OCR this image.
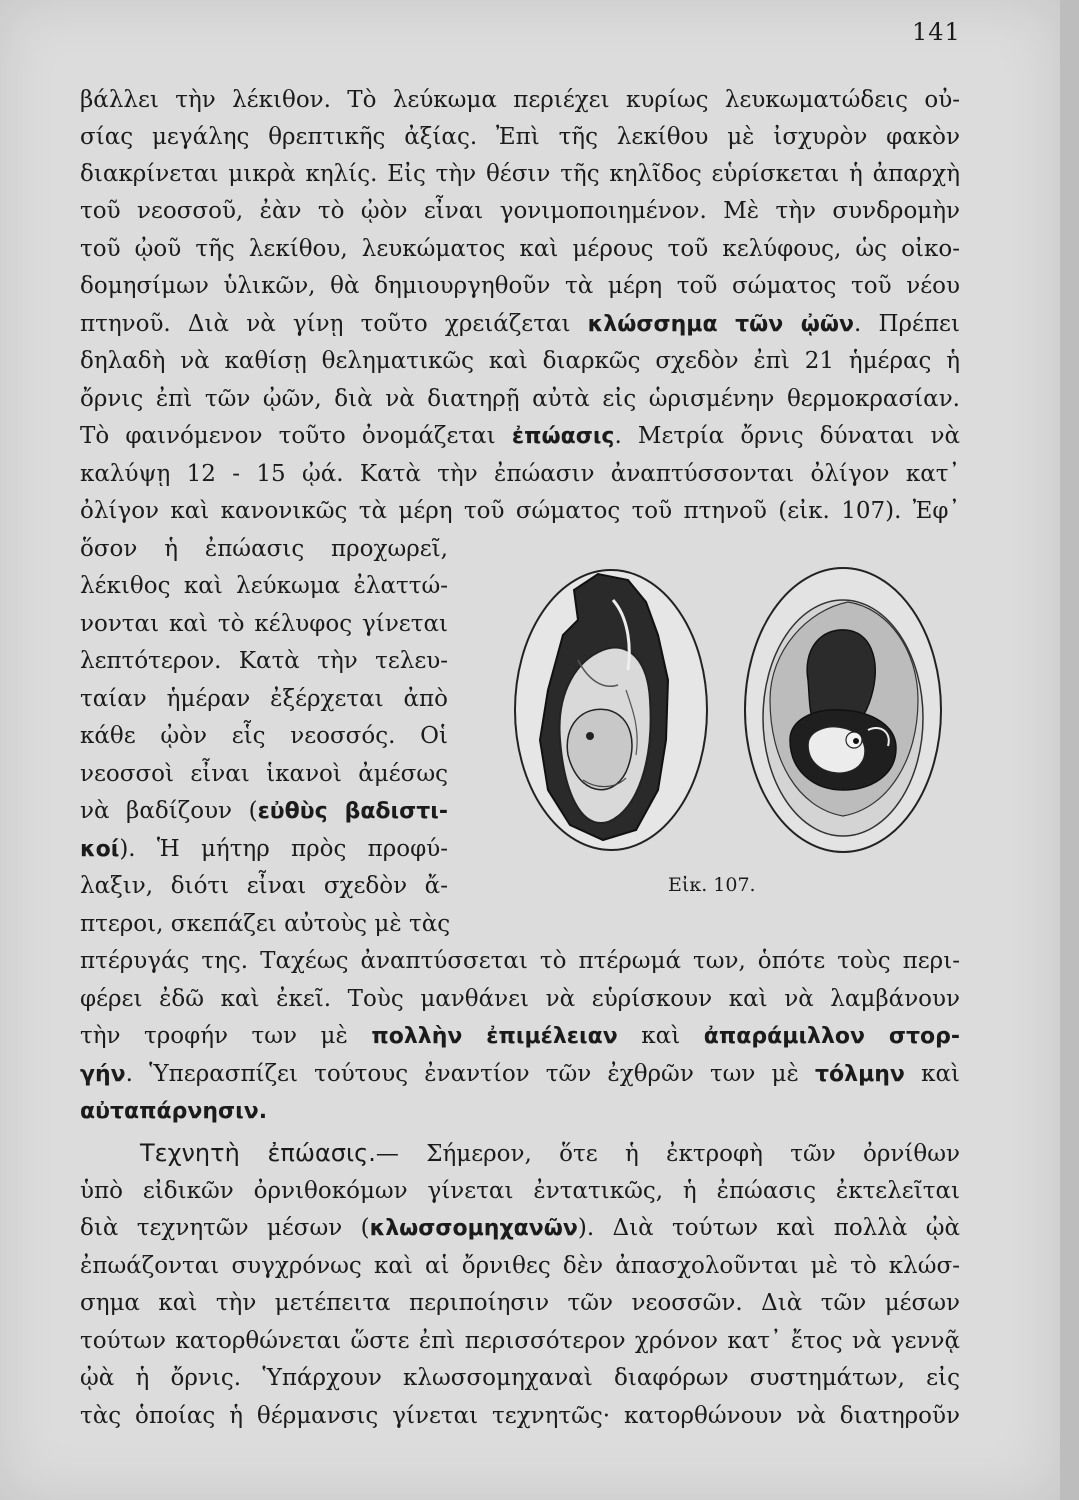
141
βάλλει τὴν λέκιθον. Τὸ λεύκωμα περιέχει κυρίως λευκωματώδεις οὐ-
σίας μεγάλης θρεπτικῆς ἀξίας. Ἐπὶ τῆς λεκίθου μὲ ἰσχυρὸν φακὸν
διακρίνεται μικρὰ κηλίς. Εἰς τὴν θέσιν τῆς κηλῖδος εὑρίσκεται ἡ ἀπαρχὴ
τοῦ νεοσσοῦ, ἐὰν τὸ ᾠὸν εἶναι γονιμοποιημένον. Μὲ τὴν συνδρομὴν
τοῦ ᾠοῦ τῆς λεκίθου, λευκώματος καὶ μέρους τοῦ κελύφους, ὡς οἰκο-
δομησίμων ὑλικῶν, θὰ δημιουργηθοῦν τὰ μέρη τοῦ σώματος τοῦ νέου
πτηνοῦ. Διὰ νὰ γίνῃ τοῦτο χρειάζεται κλώσσημα τῶν ᾠῶν. Πρέπει
δηλαδὴ νὰ καθίσῃ θεληματικῶς καὶ διαρκῶς σχεδὸν ἐπὶ 21 ἡμέρας ἡ
ὄρνις ἐπὶ τῶν ᾠῶν, διὰ νὰ διατηρῇ αὐτὰ εἰς ὡρισμένην θερμοκρασίαν.
Τὸ φαινόμενον τοῦτο ὀνομάζεται ἐπώασις. Μετρία ὄρνις δύναται νὰ
καλύψῃ 12 - 15 ᾠά. Κατὰ τὴν ἐπώασιν ἀναπτύσσονται ὀλίγον κατ᾽
ὀλίγον καὶ κανονικῶς τὰ μέρη τοῦ σώματος τοῦ πτηνοῦ (εἰκ. 107). Ἐφ᾽
ὅσον ἡ ἐπώασις προχωρεῖ,
λέκιθος καὶ λεύκωμα ἐλαττώ-
νονται καὶ τὸ κέλυφος γίνεται
λεπτότερον. Κατὰ τὴν τελευ-
ταίαν ἡμέραν ἐξέρχεται ἀπὸ
κάθε ᾠὸν εἷς νεοσσός. Οἱ
νεοσσοὶ εἶναι ἱκανοὶ ἀμέσως
νὰ βαδίζουν (εὐθὺς βαδιστι-
κοί). Ἡ μήτηρ πρὸς προφύ-
λαξιν, διότι εἶναι σχεδὸν ἄ-
πτεροι, σκεπάζει αὐτοὺς μὲ τὰς
Εἰκ. 107.
πτέρυγάς της. Ταχέως ἀναπτύσσεται τὸ πτέρωμά των, ὁπότε τοὺς περι-
φέρει ἐδῶ καὶ ἐκεῖ. Τοὺς μανθάνει νὰ εὑρίσκουν καὶ νὰ λαμβάνουν
τὴν τροφήν των μὲ πολλὴν ἐπιμέλειαν καὶ ἀπαράμιλλον στορ-
γήν. Ὑπερασπίζει τούτους ἐναντίον τῶν ἐχθρῶν των μὲ τόλμην καὶ
αὐταπάρνησιν.
Τεχνητὴ ἐπώασις.— Σήμερον, ὅτε ἡ ἐκτροφὴ τῶν ὀρνίθων
ὑπὸ εἰδικῶν ὀρνιθοκόμων γίνεται ἐντατικῶς, ἡ ἐπώασις ἐκτελεῖται
διὰ τεχνητῶν μέσων (κλωσσομηχανῶν). Διὰ τούτων καὶ πολλὰ ᾠὰ
ἐπωάζονται συγχρόνως καὶ αἱ ὄρνιθες δὲν ἀπασχολοῦνται μὲ τὸ κλώσ-
σημα καὶ τὴν μετέπειτα περιποίησιν τῶν νεοσσῶν. Διὰ τῶν μέσων
τούτων κατορθώνεται ὥστε ἐπὶ περισσότερον χρόνον κατ᾽ ἔτος νὰ γεννᾷ
ᾠὰ ἡ ὄρνις. Ὑπάρχουν κλωσσομηχαναὶ διαφόρων συστημάτων, εἰς
τὰς ὁποίας ἡ θέρμανσις γίνεται τεχνητῶς· κατορθώνουν νὰ διατηροῦν
